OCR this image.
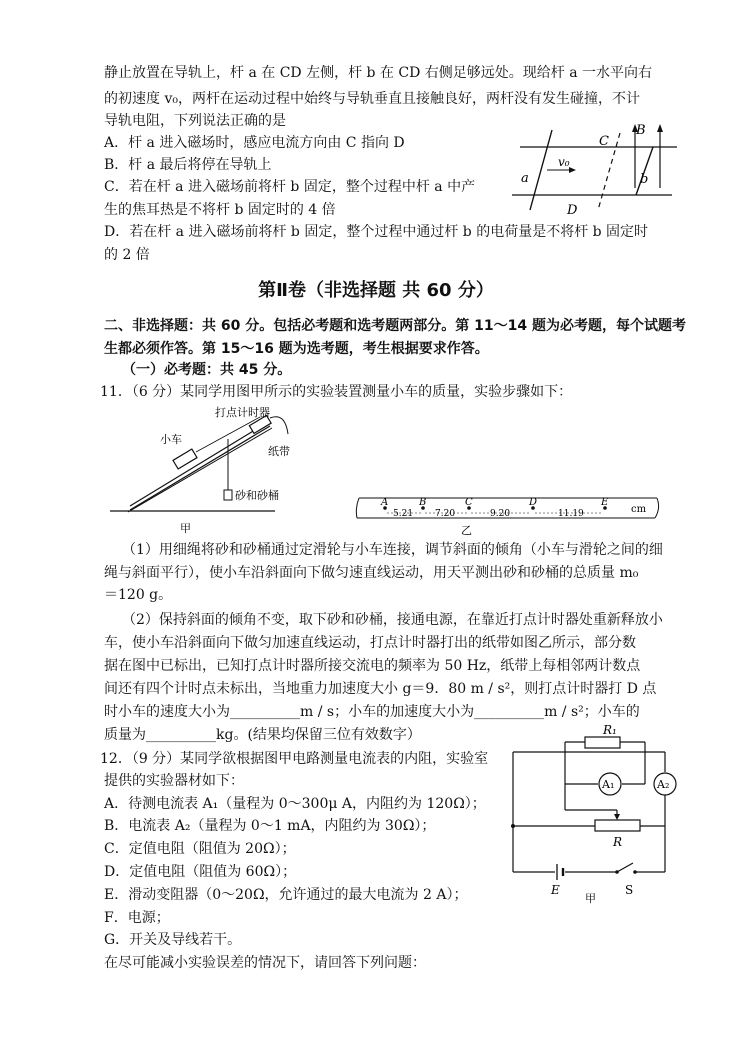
静止放置在导轨上，杆 a 在 CD 左侧，杆 b 在 CD 右侧足够远处。现给杆 a 一水平向右
的初速度 v₀，两杆在运动过程中始终与导轨垂直且接触良好，两杆没有发生碰撞，不计
导轨电阻，下列说法正确的是
A．杆 a 进入磁场时，感应电流方向由 C 指向 D
B．杆 a 最后将停在导轨上
C．若在杆 a 进入磁场前将杆 b 固定，整个过程中杆 a 中产
生的焦耳热是不将杆 b 固定时的 4 倍
D．若在杆 a 进入磁场前将杆 b 固定，整个过程中通过杆 b 的电荷量是不将杆 b 固定时
的 2 倍
C
B
v₀
a	b
D
第Ⅱ卷（非选择题 共 60 分）
二、非选择题：共 60 分。包括必考题和选考题两部分。第 11～14 题为必考题，每个试题考
生都必须作答。第 15～16 题为选考题，考生根据要求作答。
（一）必考题：共 45 分。
11．（6 分）某同学用图甲所示的实验装置测量小车的质量，实验步骤如下：
打点计时器
小车
纸带
砂和砂桶
甲
A	B	C	D	E
5.21 7.20	9.20	11.19
乙
cm
（1）用细绳将砂和砂桶通过定滑轮与小车连接，调节斜面的倾角（小车与滑轮之间的细
绳与斜面平行），使小车沿斜面向下做匀速直线运动，用天平测出砂和砂桶的总质量 m₀
＝120 g。
（2）保持斜面的倾角不变，取下砂和砂桶，接通电源，在靠近打点计时器处重新释放小
车，使小车沿斜面向下做匀加速直线运动，打点计时器打出的纸带如图乙所示，部分数
据在图中已标出，已知打点计时器所接交流电的频率为 50 Hz，纸带上每相邻两计数点
间还有四个计时点未标出，当地重力加速度大小 g＝9．80 m / s²，则打点计时器打 D 点
时小车的速度大小为__________m / s；小车的加速度大小为__________m / s²；小车的
质量为__________kg。(结果均保留三位有效数字）
12．（9 分）某同学欲根据图甲电路测量电流表的内阻，实验室
提供的实验器材如下：
A．待测电流表 A₁（量程为 0～300μ A，内阻约为 120Ω）；
B．电流表 A₂（量程为 0～1 mA，内阻约为 30Ω）；
C．定值电阻（阻值为 20Ω）；
D．定值电阻（阻值为 60Ω）；
E．滑动变阻器（0～20Ω，允许通过的最大电流为 2 A）；
F．电源；
G．开关及导线若干。
在尽可能减小实验误差的情况下，请回答下列问题：
R₁
A₁	A₂
R
E	S
甲
